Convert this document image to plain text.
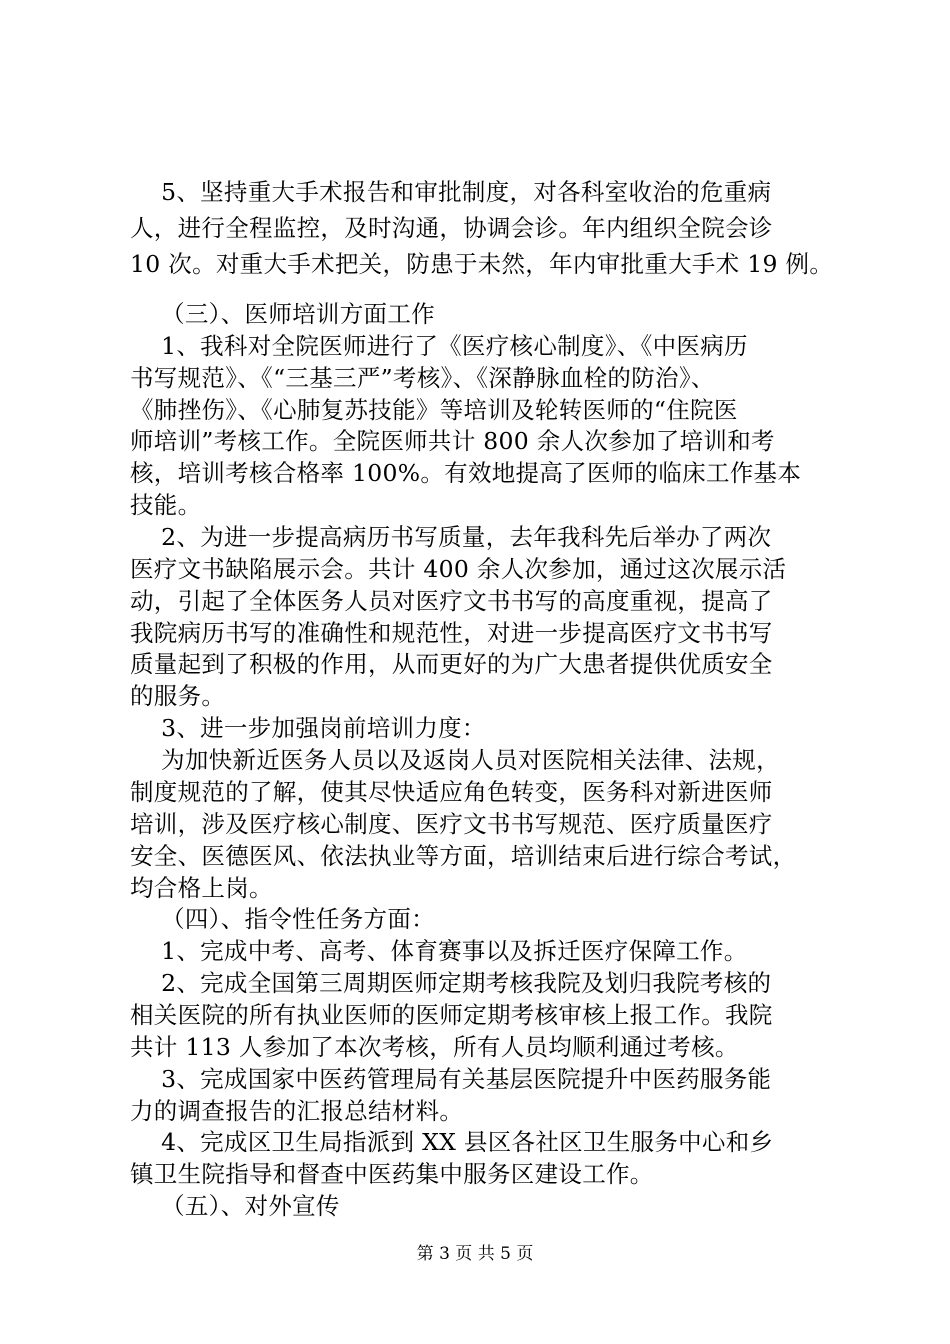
5、坚持重大手术报告和审批制度，对各科室收治的危重病
人，进行全程监控，及时沟通，协调会诊。年内组织全院会诊
10 次。对重大手术把关，防患于未然，年内审批重大手术 19 例。
（三）、医师培训方面工作
1、我科对全院医师进行了《医疗核心制度》、《中医病历
书写规范》、《“三基三严”考核》、《深静脉血栓的防治》、
《肺挫伤》、《心肺复苏技能》等培训及轮转医师的“住院医
师培训”考核工作。全院医师共计 800 余人次参加了培训和考
核，培训考核合格率 100%。有效地提高了医师的临床工作基本
技能。
2、为进一步提高病历书写质量，去年我科先后举办了两次
医疗文书缺陷展示会。共计 400 余人次参加，通过这次展示活
动，引起了全体医务人员对医疗文书书写的高度重视，提高了
我院病历书写的准确性和规范性，对进一步提高医疗文书书写
质量起到了积极的作用，从而更好的为广大患者提供优质安全
的服务。
3、进一步加强岗前培训力度：
为加快新近医务人员以及返岗人员对医院相关法律、法规，
制度规范的了解，使其尽快适应角色转变，医务科对新进医师
培训，涉及医疗核心制度、医疗文书书写规范、医疗质量医疗
安全、医德医风、依法执业等方面，培训结束后进行综合考试，
均合格上岗。
（四）、指令性任务方面：
1、完成中考、高考、体育赛事以及拆迁医疗保障工作。
2、完成全国第三周期医师定期考核我院及划归我院考核的
相关医院的所有执业医师的医师定期考核审核上报工作。我院
共计 113 人参加了本次考核，所有人员均顺利通过考核。
3、完成国家中医药管理局有关基层医院提升中医药服务能
力的调查报告的汇报总结材料。
4、完成区卫生局指派到 XX 县区各社区卫生服务中心和乡
镇卫生院指导和督查中医药集中服务区建设工作。
（五）、对外宣传
第 3 页 共 5 页
